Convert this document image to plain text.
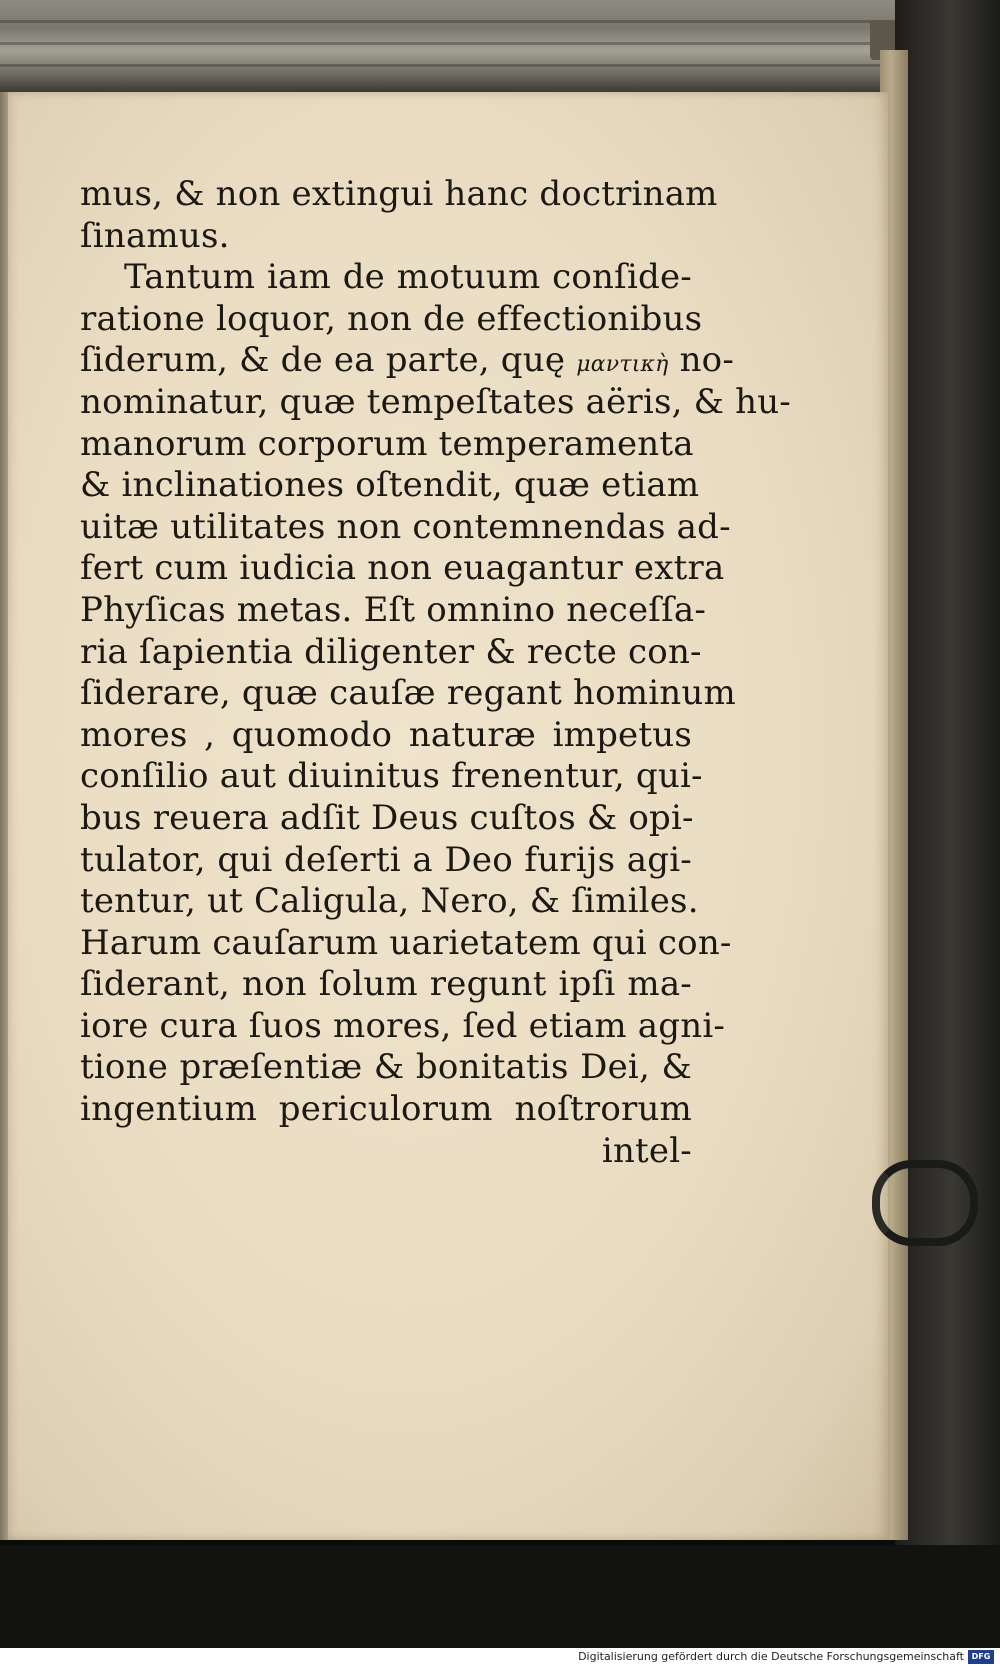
mus, & non extingui hanc doctrinam
ſinamus.
Tantum iam de motuum conſide-
ratione loquor, non de effectionibus
ſiderum, & de ea parte, quę μαντικὴ no-
nominatur, quæ tempeſtates aëris, & hu-
manorum corporum temperamenta
& inclinationes oſtendit, quæ etiam
uitæ utilitates non contemnendas ad-
fert cum iudicia non euagantur extra
Phyſicas metas. Eſt omnino neceſſa-
ria ſapientia diligenter & recte con-
ſiderare, quæ cauſæ regant hominum
mores , quomodo naturæ impetus
conſilio aut diuinitus frenentur, qui-
bus reuera adſit Deus cuſtos & opi-
tulator, qui deſerti a Deo furijs agi-
tentur, ut Caligula, Nero, & ſimiles.
Harum cauſarum uarietatem qui con-
ſiderant, non ſolum regunt ipſi ma-
iore cura ſuos mores, ſed etiam agni-
tione præſentiæ & bonitatis Dei, &
ingentium periculorum noſtrorum
intel-
Digitalisierung gefördert durch die Deutsche Forschungsgemeinschaft DFG
